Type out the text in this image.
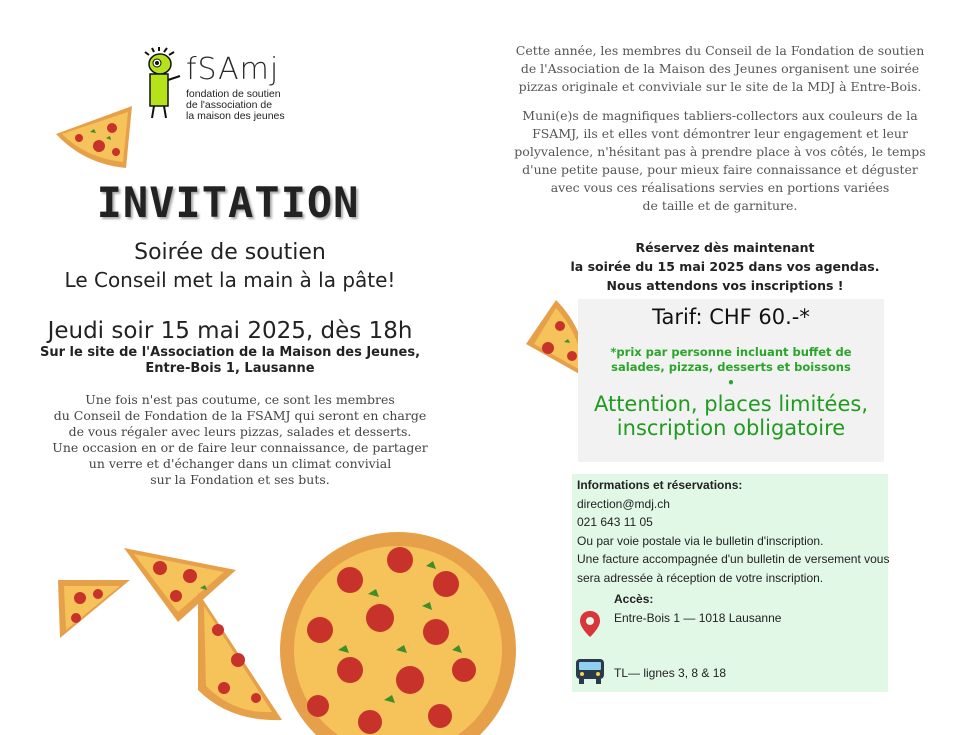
fSAmj
fondation de soutien
de l'association de
la maison des jeunes
INVITATION
Soirée de soutien
Le Conseil met la main à la pâte!
Jeudi soir 15 mai 2025, dès 18h
Sur le site de l'Association de la Maison des Jeunes,
Entre-Bois 1, Lausanne
Une fois n'est pas coutume, ce sont les membres
du Conseil de Fondation de la FSAMJ qui seront en charge
de vous régaler avec leurs pizzas, salades et desserts.
Une occasion en or de faire leur connaissance, de partager
un verre et d'échanger dans un climat convivial
sur la Fondation et ses buts.
Cette année, les membres du Conseil de la Fondation de soutien
de l'Association de la Maison des Jeunes organisent une soirée
pizzas originale et conviviale sur le site de la MDJ à Entre-Bois.
Muni(e)s de magnifiques tabliers-collectors aux couleurs de la
FSAMJ, ils et elles vont démontrer leur engagement et leur
polyvalence, n'hésitant pas à prendre place à vos côtés, le temps
d'une petite pause, pour mieux faire connaissance et déguster
avec vous ces réalisations servies en portions variées
de taille et de garniture.
Réservez dès maintenant
la soirée du 15 mai 2025 dans vos agendas.
Nous attendons vos inscriptions !
Tarif: CHF 60.-*
*prix par personne incluant buffet de salades, pizzas, desserts et boissons
•
Attention, places limitées,
inscription obligatoire
Informations et réservations:
direction@mdj.ch
021 643 11 05
Ou par voie postale via le bulletin d'inscription.
Une facture accompagnée d'un bulletin de versement vous
sera adressée à réception de votre inscription.
Accès:
Entre-Bois 1 — 1018 Lausanne
TL— lignes 3, 8 & 18
